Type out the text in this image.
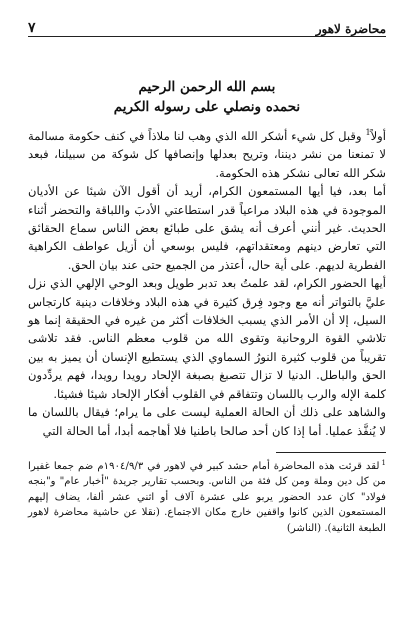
محاضرة لاهور
٧
بسم الله الرحمن الرحيم
نحمده ونصلي على رسوله الكريم

أولاً$^1$ وقبل كل شيء أشكر الله الذي وهب لنا ملاذاً في كنف حكومة مسالمة لا تمنعنا من نشر ديننا، وتريح بعدلها وإنصافها كل شوكة من سبيلنا، فبعد شكر الله تعالى نشكر هذه الحكومة.

أما بعد، فيا أيها المستمعون الكرام، أريد أن أقول الآن شيئا عن الأديان الموجودة في هذه البلاد مراعياً قدر استطاعتي الأدبَ واللباقة والتحضر أثناء الحديث. غير أنني أعرف أنه يشق على طبائع بعض الناس سماع الحقائق التي تعارض دينهم ومعتقداتهم، فليس بوسعي أن أزيل عواطف الكراهية الفطرية لديهم. على أية حال، أعتذر من الجميع حتى عند بيان الحق.

أيها الحضور الكرام، لقد علمتُ بعد تدبر طويل وبعد الوحي الإلهي الذي نزل عليَّ بالتواتر أنه مع وجود فِرق كثيرة في هذه البلاد وخلافات دينية كارتجاس السيل، إلا أن الأمر الذي يسبب الخلافات أكثر من غيره في الحقيقة إنما هو تلاشي القوة الروحانية وتقوى الله من قلوب معظم الناس. فقد تلاشى تقريباً من قلوب كثيرة النورُ السماوي الذي يستطيع الإنسان أن يميز به بين الحق والباطل. الدنيا لا تزال تتصبغ بصبغة الإلحاد رويدا رويدا، فهم يردِّدون كلمة الإله والرب باللسان وتتفاقم في القلوب أفكار الإلحاد شيئا فشيئا.

والشاهد على ذلك أن الحالة العملية ليست على ما يرام؛ فيقال باللسان ما لا يُنفَّذ عمليا. أما إذا كان أحد صالحا باطنيا فلا أهاجمه أبدا، أما الحالة التي

$^1$لقد قرئت هذه المحاضرة أمام حشد كبير في لاهور في ١٩٠٤/٩/٣م ضم جمعا غفيرا من كل دين وملة ومن كل فئة من الناس. وبحسب تقارير جريدة "أخبار عام" و"بنجه فولاد" كان عدد الحضور يربو على عشرة آلاف أو اثني عشر ألفا، يضاف إليهم المستمعون الذين كانوا واقفين خارج مكان الاجتماع. (نقلا عن حاشية محاضرة لاهور الطبعة الثانية). (الناشر)
